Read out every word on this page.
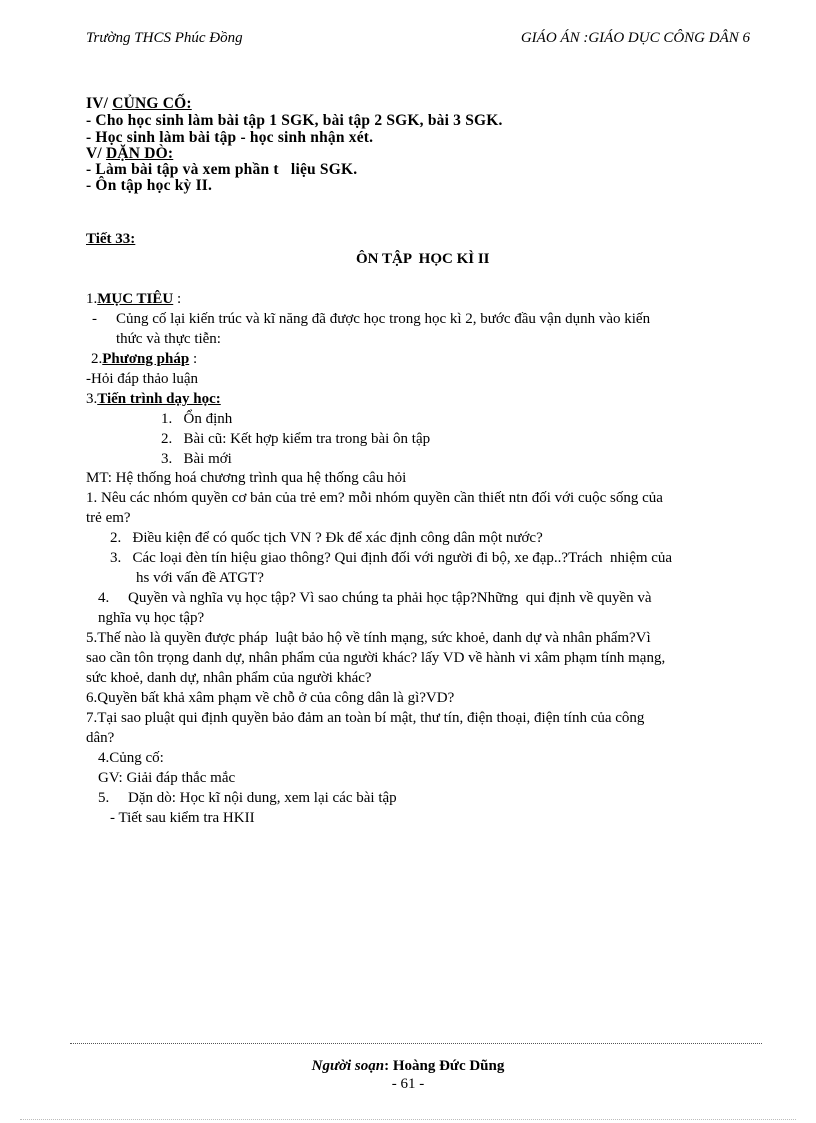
Trường THCS Phúc Đồng	GIÁO ÁN :GIÁO DỤC CÔNG DÂN 6
IV/ CỦNG CỐ:
- Cho học sinh làm bài tập 1 SGK, bài tập 2 SGK, bài 3 SGK.
- Học sinh làm bài tập - học sinh nhận xét.
V/ DẶN DÒ:
- Làm bài tập và xem phần t   liệu SGK.
- Ôn tập học kỳ II.
Tiết 33:
ÔN TẬP  HỌC KÌ II
1.MỤC TIÊU :
- Củng cố lại kiến trúc và kĩ năng đã được học trong học kì 2, bước đầu vận dụnh vào kiến
thức và thực tiễn:
2.Phương pháp :
-Hỏi đáp thảo luận
3.Tiến trình dạy học:
1.   Ổn định
2.   Bài cũ: Kết hợp kiểm tra trong bài ôn tập
3.   Bài mới
MT: Hệ thống hoá chương trình qua hệ thống câu hỏi
1. Nêu các nhóm quyền cơ bản của trẻ em? mỗi nhóm quyền cần thiết ntn đối với cuộc sống của
trẻ em?
2.   Điều kiện để có quốc tịch VN ? Đk để xác định công dân một nước?
3.   Các loại đèn tín hiệu giao thông? Qui định đối với người đi bộ, xe đạp..?Trách  nhiệm của
hs với vấn đề ATGT?
4.     Quyền và nghĩa vụ học tập? Vì sao chúng ta phải học tập?Những  qui định về quyền và
nghĩa vụ học tập?
5.Thế nào là quyền được pháp  luật bảo hộ về tính mạng, sức khoẻ, danh dự và nhân phẩm?Vì
sao cần tôn trọng danh dự, nhân phẩm của người khác? lấy VD về hành vi xâm phạm tính mạng,
sức khoẻ, danh dự, nhân phẩm của người khác?
6.Quyền bất khả xâm phạm về chỗ ở của công dân là gì?VD?
7.Tại sao pluật qui định quyền bảo đảm an toàn bí mật, thư tín, điện thoại, điện tính của công
dân?
4.Củng cố:
GV: Giải đáp thắc mắc
5.     Dặn dò: Học kĩ nội dung, xem lại các bài tập
- Tiết sau kiểm tra HKII
Người soạn: Hoàng Đức Dũng
- 61 -
